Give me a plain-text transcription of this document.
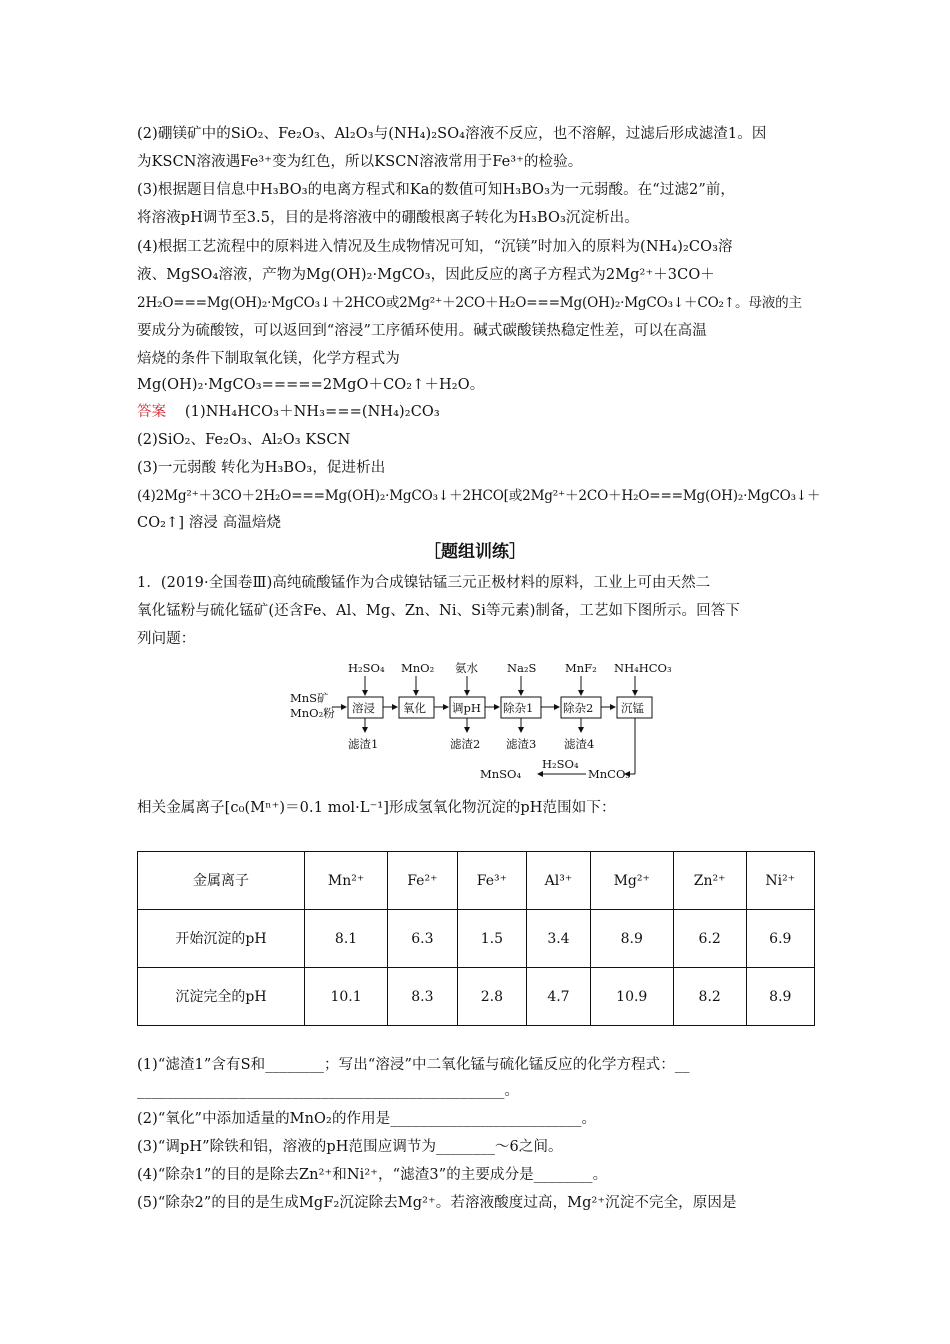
(2)硼镁矿中的SiO₂、Fe₂O₃、Al₂O₃与(NH₄)₂SO₄溶液不反应，也不溶解，过滤后形成滤渣1。因
为KSCN溶液遇Fe³⁺变为红色，所以KSCN溶液常用于Fe³⁺的检验。
(3)根据题目信息中H₃BO₃的电离方程式和Ka的数值可知H₃BO₃为一元弱酸。在“过滤2”前，
将溶液pH调节至3.5，目的是将溶液中的硼酸根离子转化为H₃BO₃沉淀析出。
(4)根据工艺流程中的原料进入情况及生成物情况可知，“沉镁”时加入的原料为(NH₄)₂CO₃溶
液、MgSO₄溶液，产物为Mg(OH)₂·MgCO₃，因此反应的离子方程式为2Mg²⁺＋3CO＋
2H₂O===Mg(OH)₂·MgCO₃↓＋2HCO或2Mg²⁺＋2CO＋H₂O===Mg(OH)₂·MgCO₃↓＋CO₂↑。母液的主
要成分为硫酸铵，可以返回到“溶浸”工序循环使用。碱式碳酸镁热稳定性差，可以在高温
焙烧的条件下制取氧化镁，化学方程式为
Mg(OH)₂·MgCO₃=====2MgO＋CO₂↑＋H₂O。
答案 (1)NH₄HCO₃＋NH₃===(NH₄)₂CO₃
(2)SiO₂、Fe₂O₃、Al₂O₃ KSCN
(3)一元弱酸 转化为H₃BO₃，促进析出
(4)2Mg²⁺＋3CO＋2H₂O===Mg(OH)₂·MgCO₃↓＋2HCO[或2Mg²⁺＋2CO＋H₂O===Mg(OH)₂·MgCO₃↓＋
CO₂↑] 溶浸 高温焙烧
［题组训练］
1．(2019·全国卷Ⅲ)高纯硫酸锰作为合成镍钴锰三元正极材料的原料，工业上可由天然二
氧化锰粉与硫化锰矿(还含Fe、Al、Mg、Zn、Ni、Si等元素)制备，工艺如下图所示。回答下
列问题：
MnS矿
MnO₂粉 溶浸 氧化 调pH 除杂1	除杂2 沉锰
H₂SO₄ MnO₂ 氨水	Na₂S MnF₂ NH₄HCO₃
滤渣1	滤渣2 滤渣3 滤渣4
MnCO₃
H₂SO₄
MnSO₄
相关金属离子[c₀(Mⁿ⁺)＝0.1 mol·L⁻¹]形成氢氧化物沉淀的pH范围如下：
金属离子	Mn²⁺	Fe²⁺	Fe³⁺	Al³⁺	Mg²⁺	Zn²⁺	Ni²⁺
开始沉淀的pH	8.1	6.3	1.5	3.4	8.9	6.2	6.9
沉淀完全的pH	10.1	8.3	2.8	4.7	10.9	8.2	8.9
(1)“滤渣1”含有S和________；写出“溶浸”中二氧化锰与硫化锰反应的化学方程式：__
__________________________________________________。
(2)“氧化”中添加适量的MnO₂的作用是__________________________。
(3)“调pH”除铁和铝，溶液的pH范围应调节为________～6之间。
(4)“除杂1”的目的是除去Zn²⁺和Ni²⁺，“滤渣3”的主要成分是________。
(5)“除杂2”的目的是生成MgF₂沉淀除去Mg²⁺。若溶液酸度过高，Mg²⁺沉淀不完全，原因是
